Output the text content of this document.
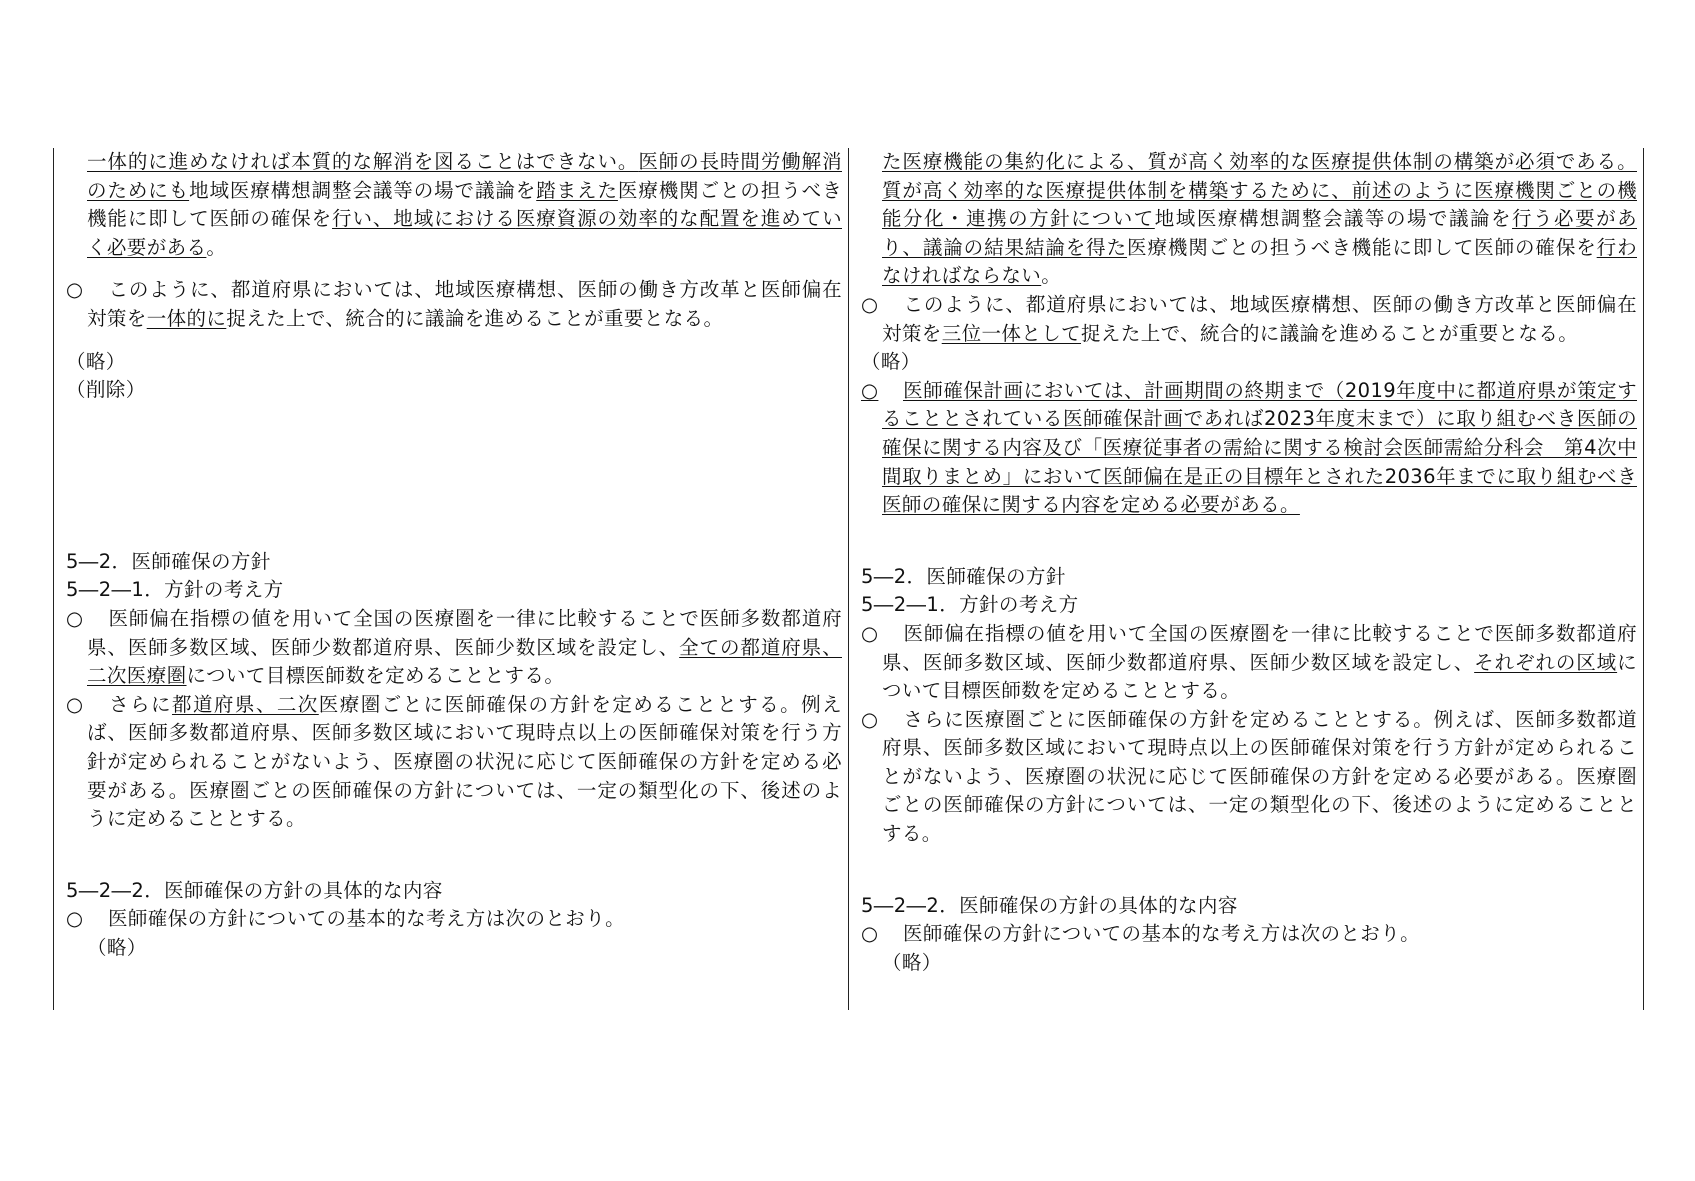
一体的に進めなければ本質的な解消を図ることはできない。医師の長時間労働解消のためにも地域医療構想調整会議等の場で議論を踏まえた医療機関ごとの担うべき機能に即して医師の確保を行い、地域における医療資源の効率的な配置を進めていく必要がある。

○ このように、都道府県においては、地域医療構想、医師の働き方改革と医師偏在対策を一体的に捉えた上で、統合的に議論を進めることが重要となる。

（略）

（削除）

5―2．医師確保の方針

5―2―1．方針の考え方

○ 医師偏在指標の値を用いて全国の医療圏を一律に比較することで医師多数都道府県、医師多数区域、医師少数都道府県、医師少数区域を設定し、全ての都道府県、二次医療圏について目標医師数を定めることとする。

○ さらに都道府県、二次医療圏ごとに医師確保の方針を定めることとする。例えば、医師多数都道府県、医師多数区域において現時点以上の医師確保対策を行う方針が定められることがないよう、医療圏の状況に応じて医師確保の方針を定める必要がある。医療圏ごとの医師確保の方針については、一定の類型化の下、後述のように定めることとする。

5―2―2．医師確保の方針の具体的な内容

○ 医師確保の方針についての基本的な考え方は次のとおり。

（略）

た医療機能の集約化による、質が高く効率的な医療提供体制の構築が必須である。質が高く効率的な医療提供体制を構築するために、前述のように医療機関ごとの機能分化・連携の方針について地域医療構想調整会議等の場で議論を行う必要があり、議論の結果結論を得た医療機関ごとの担うべき機能に即して医師の確保を行わなければならない。

○ このように、都道府県においては、地域医療構想、医師の働き方改革と医師偏在対策を三位一体として捉えた上で、統合的に議論を進めることが重要となる。

（略）

○ 医師確保計画においては、計画期間の終期まで（2019年度中に都道府県が策定することとされている医師確保計画であれば2023年度末まで）に取り組むべき医師の確保に関する内容及び「医療従事者の需給に関する検討会医師需給分科会　第4次中間取りまとめ」において医師偏在是正の目標年とされた2036年までに取り組むべき医師の確保に関する内容を定める必要がある。

5―2．医師確保の方針

5―2―1．方針の考え方

○ 医師偏在指標の値を用いて全国の医療圏を一律に比較することで医師多数都道府県、医師多数区域、医師少数都道府県、医師少数区域を設定し、それぞれの区域について目標医師数を定めることとする。

○ さらに医療圏ごとに医師確保の方針を定めることとする。例えば、医師多数都道府県、医師多数区域において現時点以上の医師確保対策を行う方針が定められることがないよう、医療圏の状況に応じて医師確保の方針を定める必要がある。医療圏ごとの医師確保の方針については、一定の類型化の下、後述のように定めることとする。

5―2―2．医師確保の方針の具体的な内容

○ 医師確保の方針についての基本的な考え方は次のとおり。

（略）
